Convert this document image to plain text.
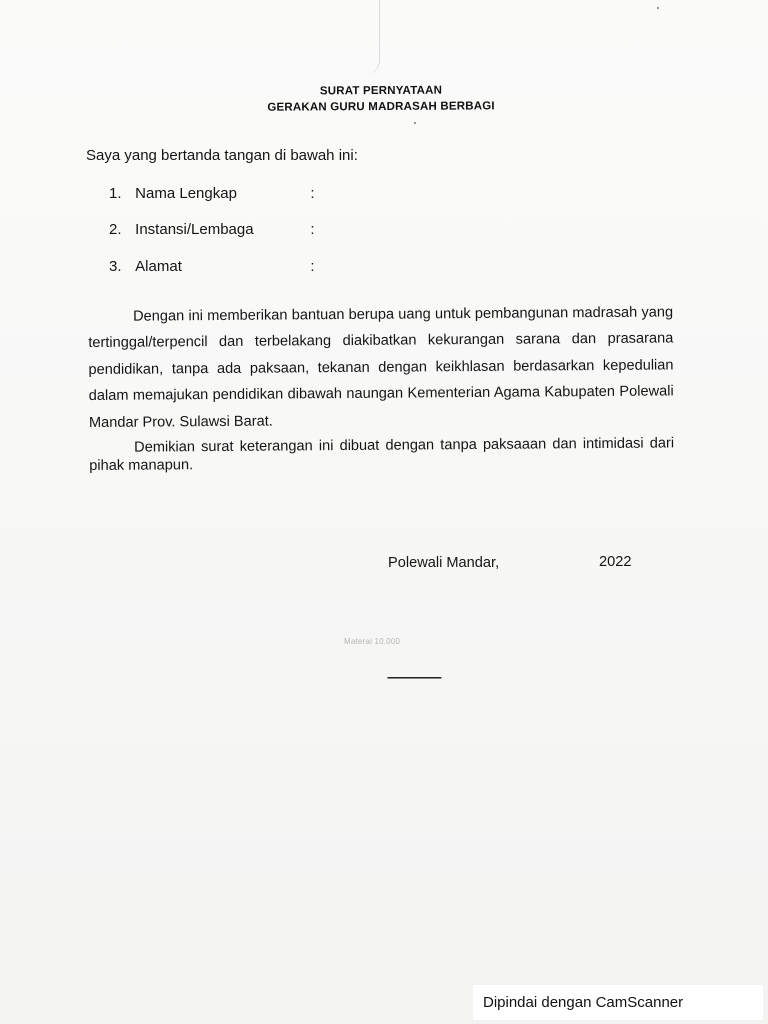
SURAT PERNYATAAN
GERAKAN GURU MADRASAH BERBAGI
Saya yang bertanda tangan di bawah ini:
1. Nama Lengkap	:
2. Instansi/Lembaga	:
3. Alamat	:

Dengan ini memberikan bantuan berupa uang untuk pembangunan madrasah yang tertinggal/terpencil dan terbelakang diakibatkan kekurangan sarana dan prasarana pendidikan, tanpa ada paksaan, tekanan dengan keikhlasan berdasarkan kepedulian dalam memajukan pendidikan dibawah naungan Kementerian Agama Kabupaten Polewali Mandar Prov. Sulawsi Barat.

Demikian surat keterangan ini dibuat dengan tanpa paksaaan dan intimidasi dari pihak manapun.

Polewali Mandar,	2022
Materai 10.000
------------------
Dipindai dengan CamScanner
